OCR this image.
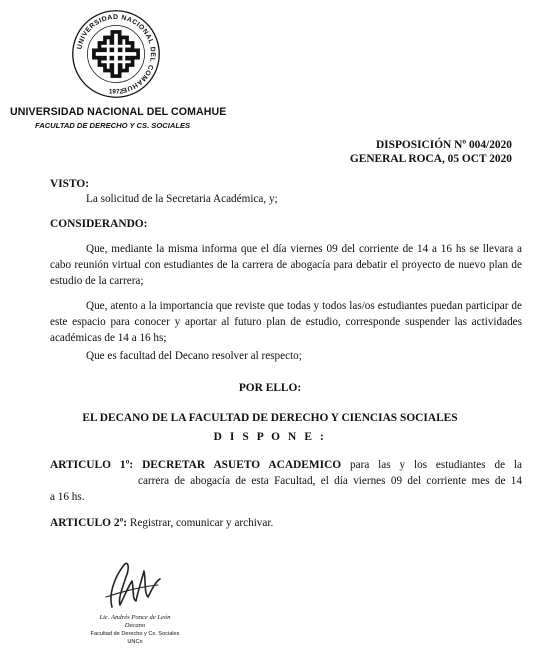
UNIVERSIDAD NACIONAL DEL COMAHUE
1972
UNIVERSIDAD NACIONAL DEL COMAHUE
FACULTAD DE DERECHO Y CS. SOCIALES
DISPOSICIÓN Nº 004/2020
GENERAL ROCA, 05 OCT 2020
VISTO:
La solicitud de la Secretaria Académica, y;
CONSIDERANDO:
Que, mediante la misma informa que el día viernes 09 del corriente de 14 a 16 hs se llevara a cabo reunión virtual con estudiantes de la carrera de abogacía para debatir el proyecto de nuevo plan de estudio de la carrera;
Que, atento a la importancia que reviste que todas y todos las/os estudiantes puedan participar de este espacio para conocer y aportar al futuro plan de estudio, corresponde suspender las actividades académicas de 14 a 16 hs;
Que es facultad del Decano resolver al respecto;
POR ELLO:
EL DECANO DE LA FACULTAD DE DERECHO Y CIENCIAS SOCIALES
D I S P O N E :
ARTICULO 1º: DECRETAR ASUETO ACADEMICO para las y los estudiantes de la
carrera de abogacía de esta Facultad, el día viernes 09 del corriente mes de 14
a 16 hs.
ARTICULO 2º: Registrar, comunicar y archivar.
Lic. Andrés Ponce de León
Decano
Facultad de Derecho y Cs. Sociales
UNCo
